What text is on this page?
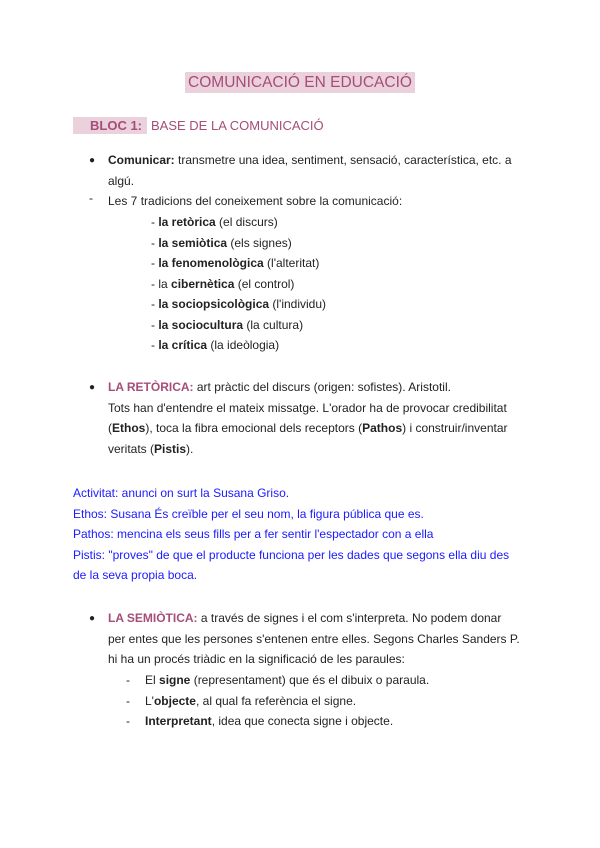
COMUNICACIÓ EN EDUCACIÓ
BLOC 1: BASE DE LA COMUNICACIÓ
● Comunicar: transmetre una idea, sentiment, sensació, característica, etc. a
algú.
- Les 7 tradicions del coneixement sobre la comunicació:
- la retòrica (el discurs)
- la semiòtica (els signes)
- la fenomenològica (l'alteritat)
- la cibernètica (el control)
- la sociopsicològica (l'individu)
- la sociocultura (la cultura)
- la crítica (la ideòlogia)
● LA RETÒRICA: art pràctic del discurs (origen: sofistes). Aristotil.
Tots han d'entendre el mateix missatge. L'orador ha de provocar credibilitat
(Ethos), toca la fibra emocional dels receptors (Pathos) i construir/inventar
veritats (Pistis).
Activitat: anunci on surt la Susana Griso.
Ethos: Susana És creïble per el seu nom, la figura pública que es.
Pathos: mencina els seus fills per a fer sentir l'espectador con a ella
Pistis: "proves" de que el producte funciona per les dades que segons ella diu des
de la seva propia boca.
● LA SEMIÒTICA: a través de signes i el com s'interpreta. No podem donar
per entes que les persones s'entenen entre elles. Segons Charles Sanders P.
hi ha un procés triàdic en la significació de les paraules:
- El signe (representament) que és el dibuix o paraula.
- L'objecte, al qual fa referència el signe.
- Interpretant, idea que conecta signe i objecte.
